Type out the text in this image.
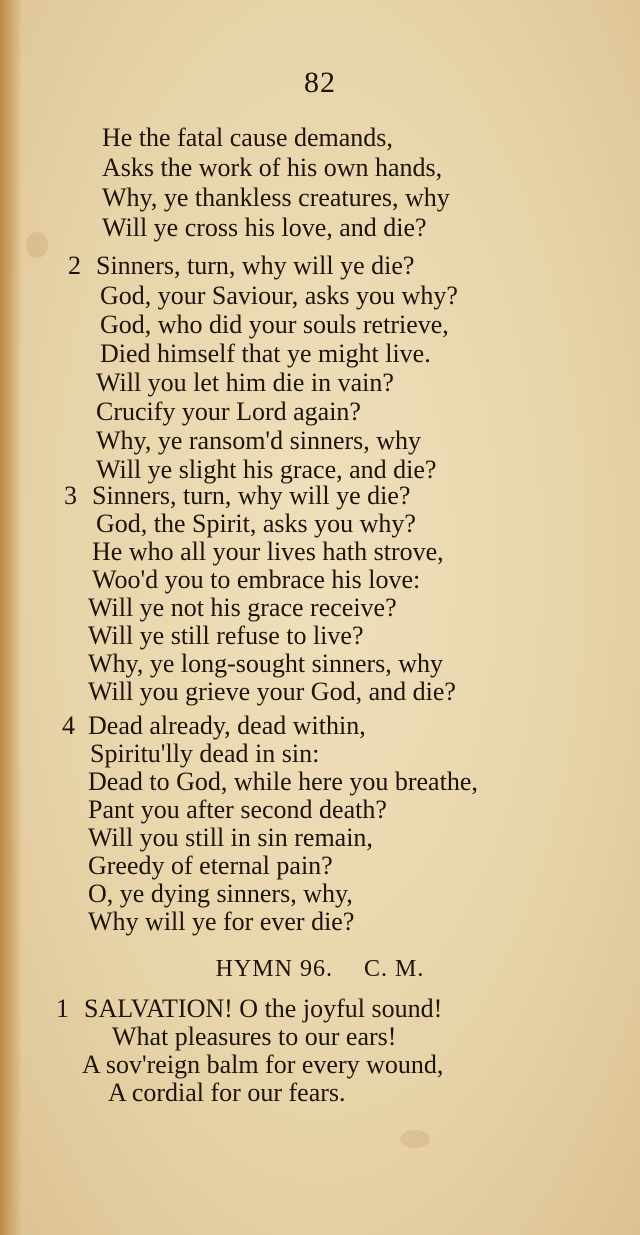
82
He the fatal cause demands,
Asks the work of his own hands,
Why, ye thankless creatures, why
Will ye cross his love, and die?
2 Sinners, turn, why will ye die?
God, your Saviour, asks you why?
God, who did your souls retrieve,
Died himself that ye might live.
Will you let him die in vain?
Crucify your Lord again?
Why, ye ransom'd sinners, why
Will ye slight his grace, and die?
3 Sinners, turn, why will ye die?
God, the Spirit, asks you why?
He who all your lives hath strove,
Woo'd you to embrace his love:
Will ye not his grace receive?
Will ye still refuse to live?
Why, ye long-sought sinners, why
Will you grieve your God, and die?
4 Dead already, dead within,
Spiritu'lly dead in sin:
Dead to God, while here you breathe,
Pant you after second death?
Will you still in sin remain,
Greedy of eternal pain?
O, ye dying sinners, why,
Why will ye for ever die?
HYMN 96. C. M.
1 SALVATION! O the joyful sound!
What pleasures to our ears!
A sov'reign balm for every wound,
A cordial for our fears.
